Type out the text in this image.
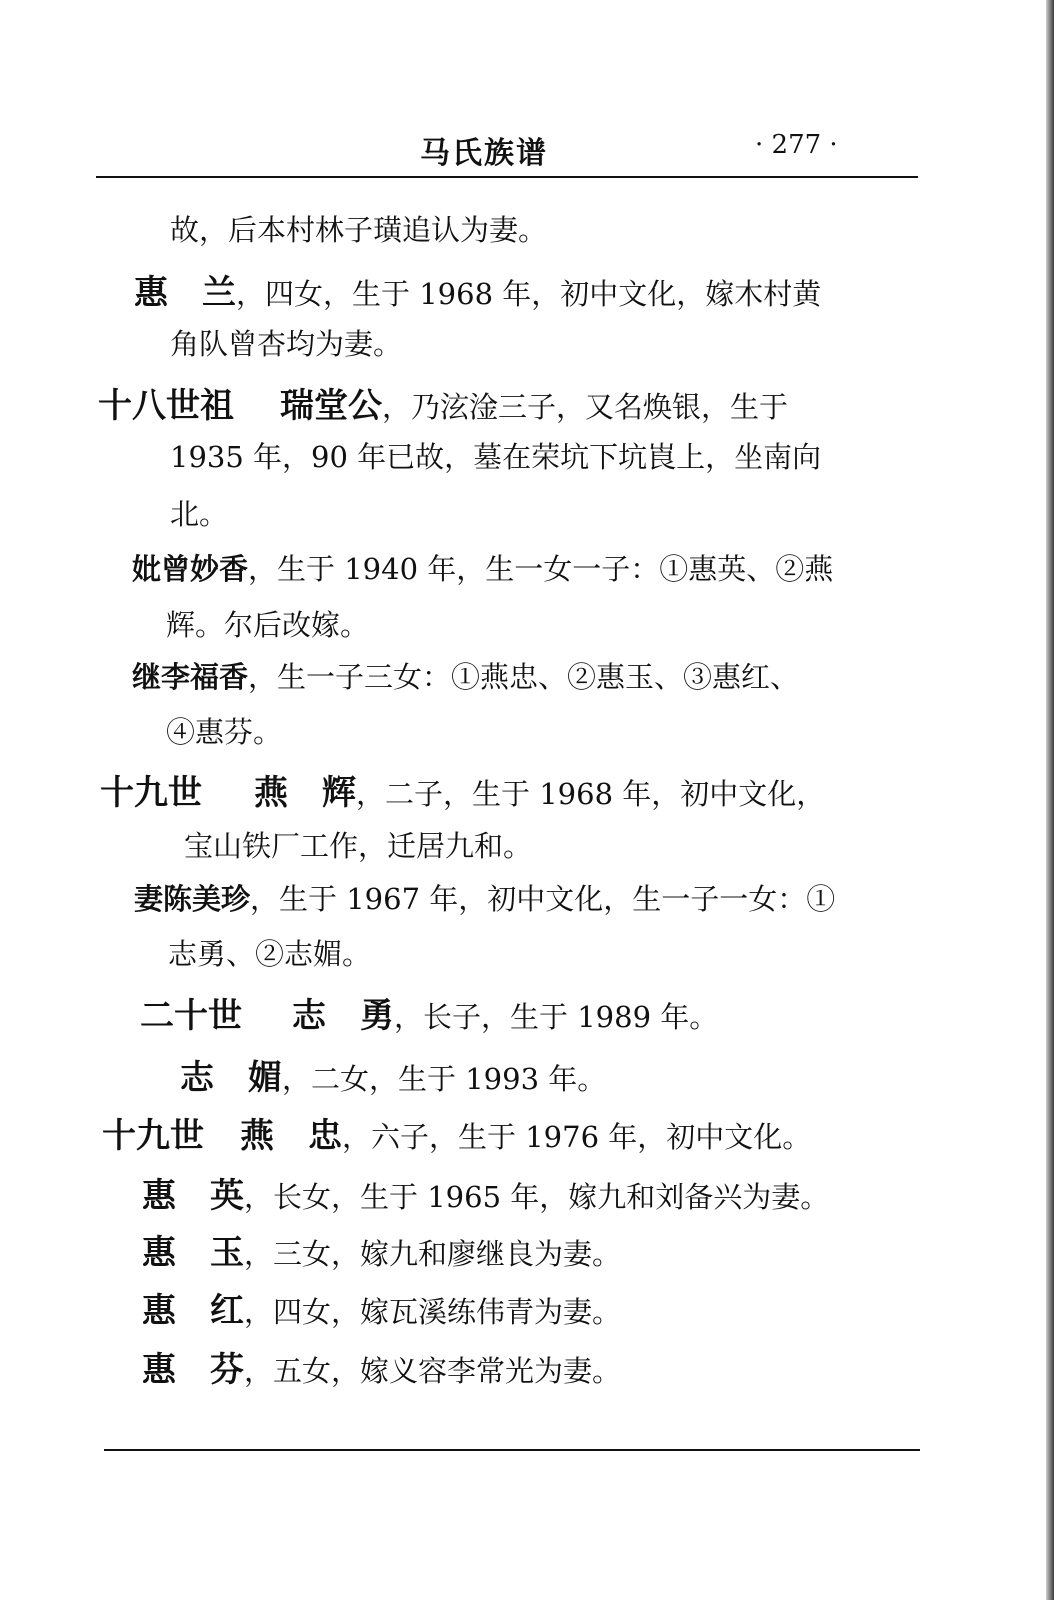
马氏族谱	· 277 ·
故，后本村林子璜追认为妻。
惠　兰，四女，生于 1968 年，初中文化，嫁木村黄
角队曾杏均为妻。
十八世祖 瑞堂公，乃泫淦三子，又名焕银，生于
1935 年，90 年已故，墓在荣坑下坑崀上，坐南向
北。
妣曾妙香，生于 1940 年，生一女一子：①惠英、②燕
辉。尔后改嫁。
继李福香，生一子三女：①燕忠、②惠玉、③惠红、
④惠芬。
十九世 燕　辉，二子，生于 1968 年，初中文化，
宝山铁厂工作，迁居九和。
妻陈美珍，生于 1967 年，初中文化，生一子一女：①
志勇、②志媚。
二十世 志　勇，长子，生于 1989 年。
志　媚，二女，生于 1993 年。
十九世 燕　忠，六子，生于 1976 年，初中文化。
惠　英，长女，生于 1965 年，嫁九和刘备兴为妻。
惠　玉，三女，嫁九和廖继良为妻。
惠　红，四女，嫁瓦溪练伟青为妻。
惠　芬，五女，嫁义容李常光为妻。
